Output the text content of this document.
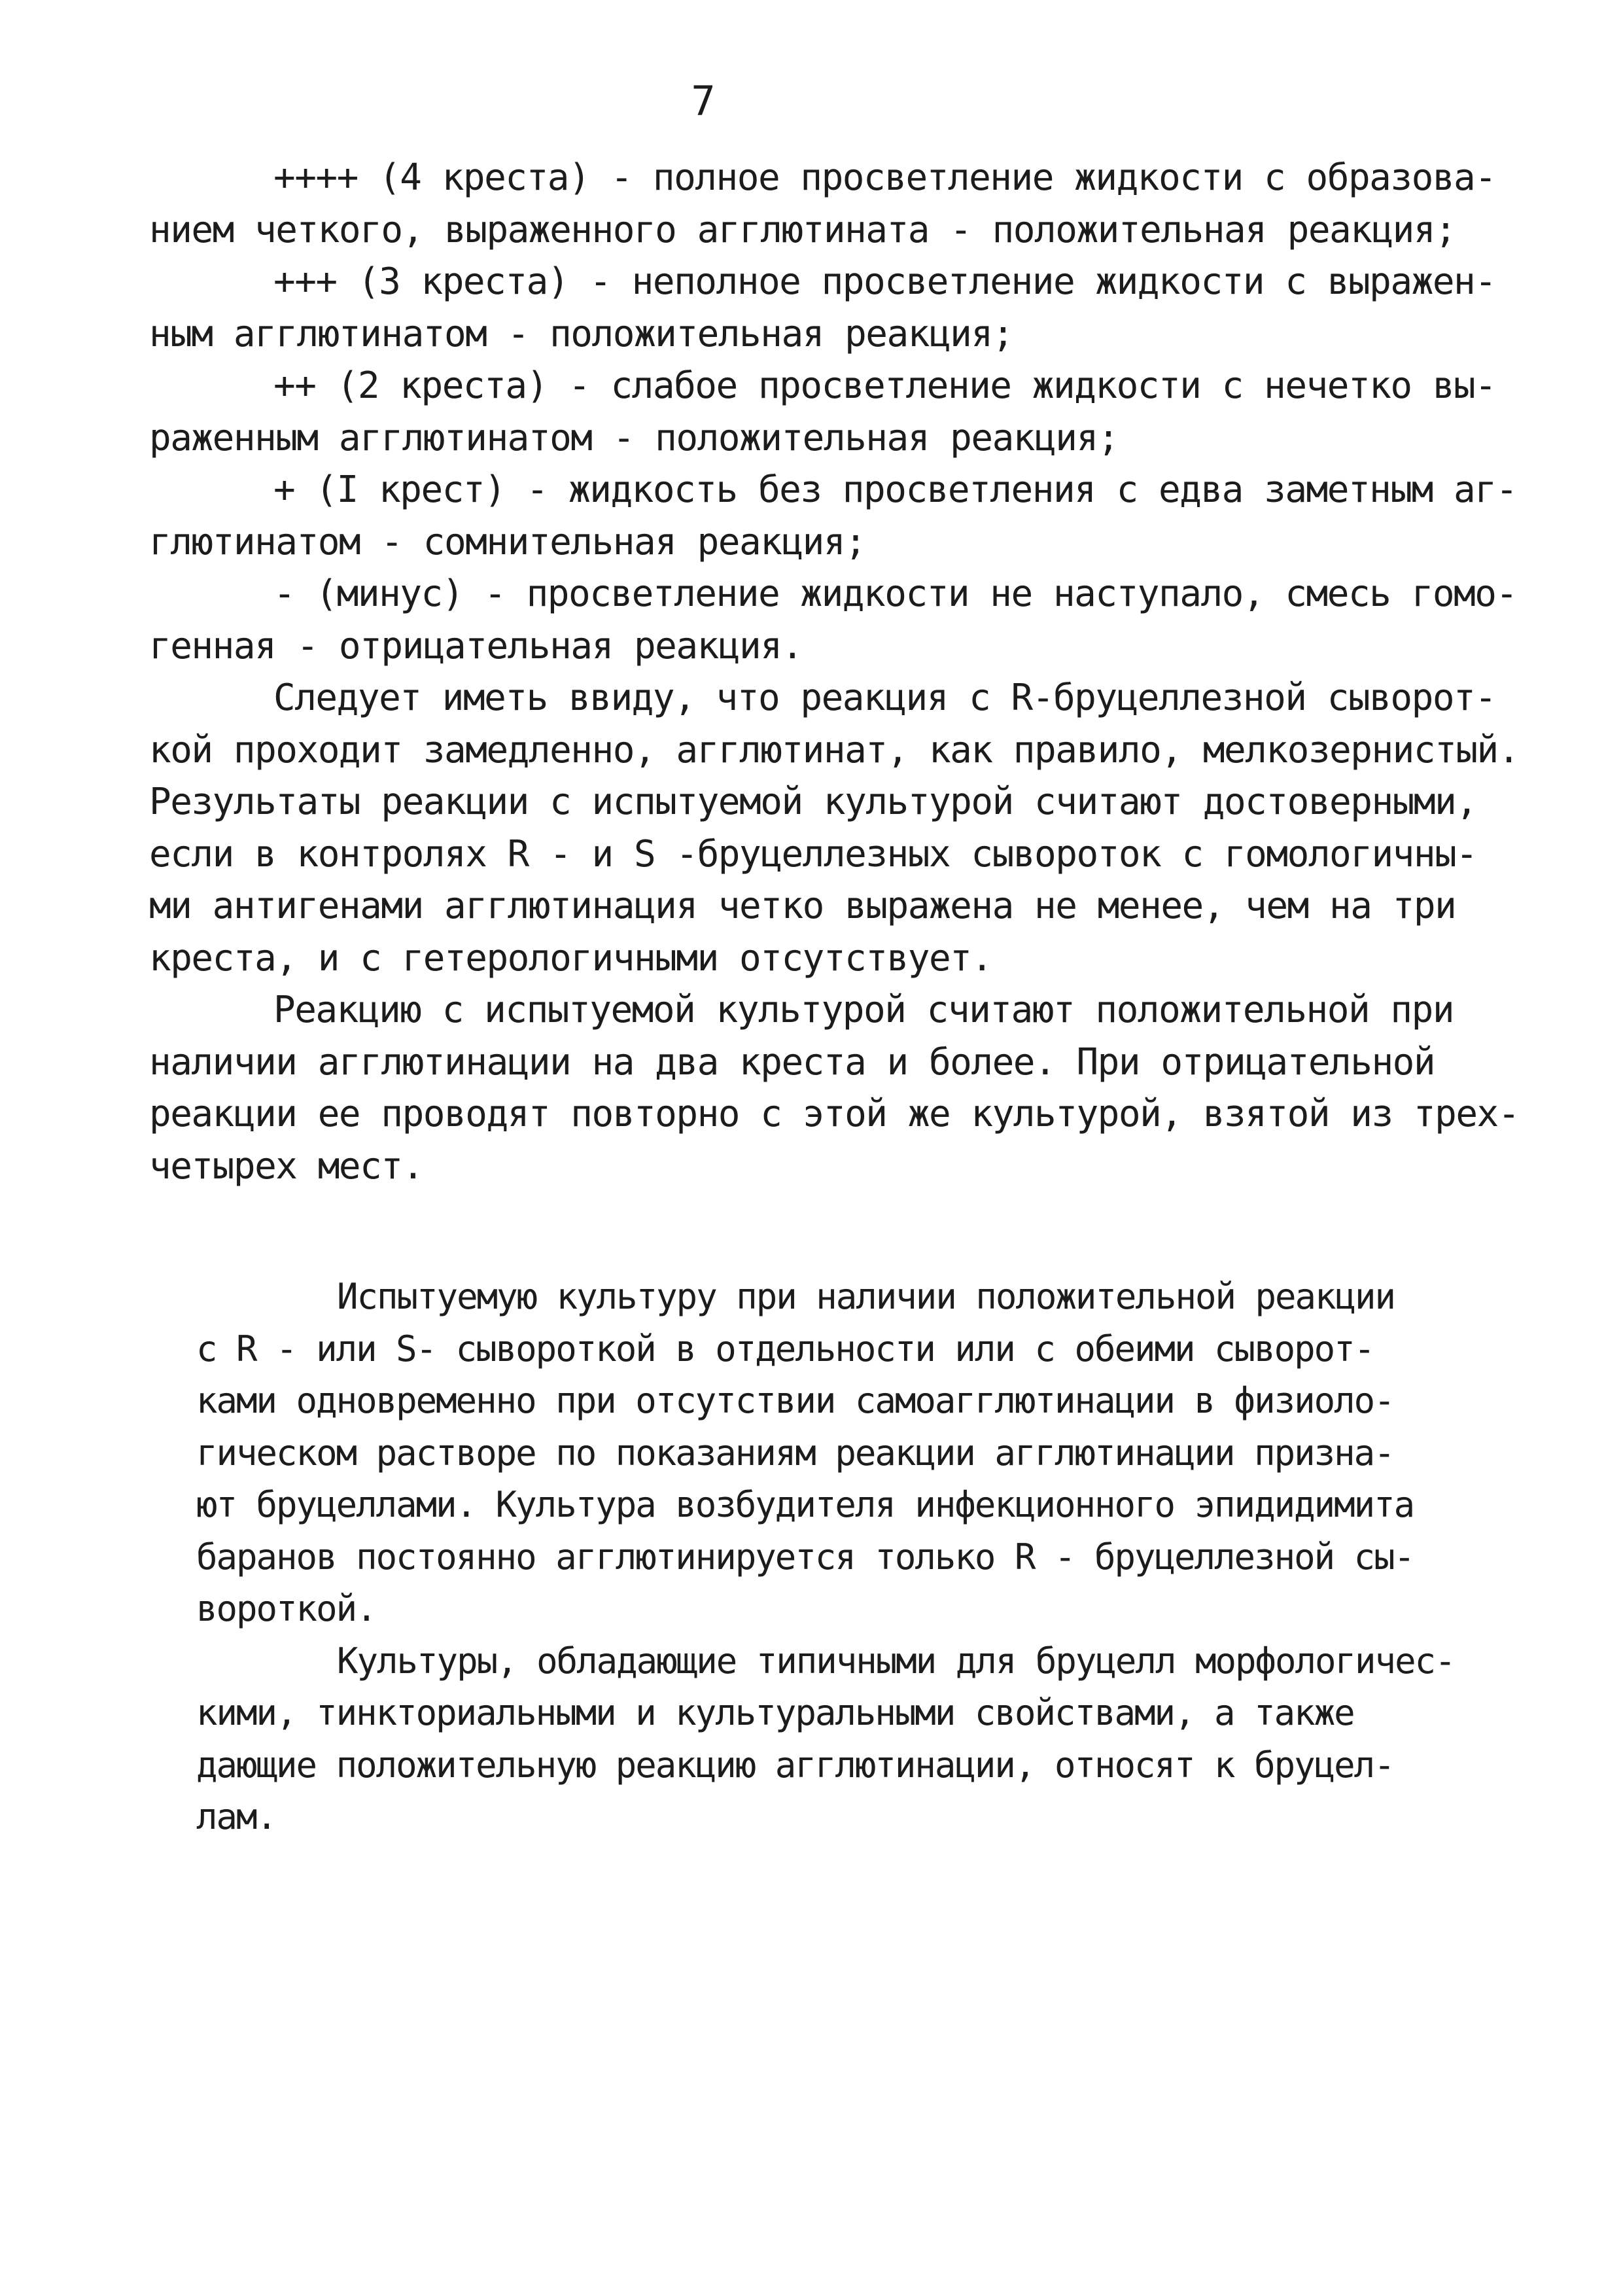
7
++++ (4 креста) - полное просветление жидкости с образова-
нием четкого, выраженного агглютината - положительная реакция;
+++ (3 креста) - неполное просветление жидкости с выражен-
ным агглютинатом - положительная реакция;
++ (2 креста) - слабое просветление жидкости с нечетко вы-
раженным агглютинатом - положительная реакция;
+ (I крест) - жидкость без просветления с едва заметным аг-
глютинатом - сомнительная реакция;
- (минус) - просветление жидкости не наступало, смесь гомо-
генная - отрицательная реакция.
Следует иметь ввиду, что реакция с R-бруцеллезной сыворот-
кой проходит замедленно, агглютинат, как правило, мелкозернистый.
Результаты реакции с испытуемой культурой считают достоверными,
если в контролях R - и S -бруцеллезных сывороток с гомологичны-
ми антигенами агглютинация четко выражена не менее, чем на три
креста, и с гетерологичными отсутствует.
Реакцию с испытуемой культурой считают положительной при
наличии агглютинации на два креста и более. При отрицательной
реакции ее проводят повторно с этой же культурой, взятой из трех-
четырех мест.
Испытуемую культуру при наличии положительной реакции
с R - или S- сывороткой в отдельности или с обеими сыворот-
ками одновременно при отсутствии самоагглютинации в физиоло-
гическом растворе по показаниям реакции агглютинации призна-
ют бруцеллами. Культура возбудителя инфекционного эпидидимита
баранов постоянно агглютинируется только R - бруцеллезной сы-
вороткой.
Культуры, обладающие типичными для бруцелл морфологичес-
кими, тинкториальными и культуральными свойствами, а также
дающие положительную реакцию агглютинации, относят к бруцел-
лам.
